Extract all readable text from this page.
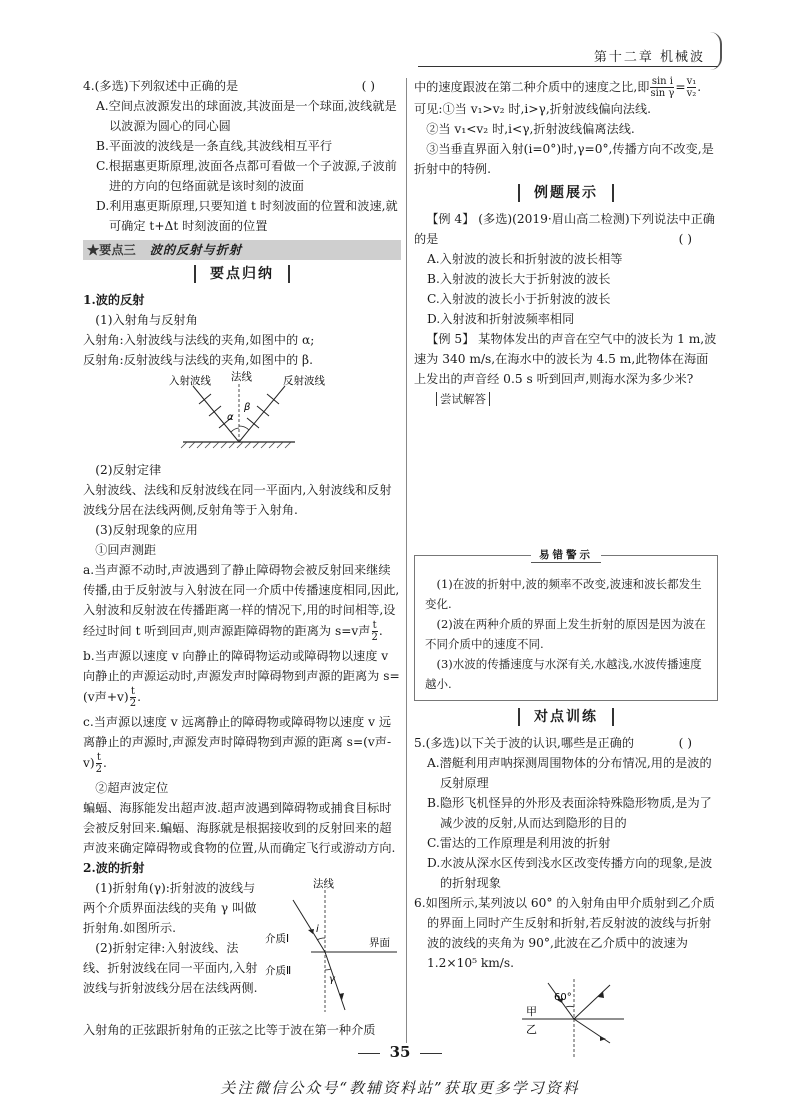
第十二章 机械波

4.(多选)下列叙述中正确的是	( )

A.空间点波源发出的球面波,其波面是一个球面,波线就是以波源为圆心的同心圆

B.平面波的波线是一条直线,其波线相互平行

C.根据惠更斯原理,波面各点都可看做一个子波源,子波前进的方向的包络面就是该时刻的波面

D.利用惠更斯原理,只要知道 t 时刻波面的位置和波速,就可确定 t+Δt 时刻波面的位置

★要点三 波的反射与折射
要点归纳

1.波的反射

(1)入射角与反射角

入射角:入射波线与法线的夹角,如图中的 α;

反射角:反射波线与法线的夹角,如图中的 β.

入射波线 法线	反射波线
α
β

(2)反射定律

入射波线、法线和反射波线在同一平面内,入射波线和反射波线分居在法线两侧,反射角等于入射角.

(3)反射现象的应用

①回声测距

a.当声源不动时,声波遇到了静止障碍物会被反射回来继续传播,由于反射波与入射波在同一介质中传播速度相同,因此,入射波和反射波在传播距离一样的情况下,用的时间相等,设经过时间 t 听到回声,则声源距障碍物的距离为 s=v声 $\frac{t}{2}$ .

b.当声源以速度 v 向静止的障碍物运动或障碍物以速度 v 向静止的声源运动时,声源发声时障碍物到声源的距离为 s=(v声$+v) \frac{t}{2}$ .

c.当声源以速度 v 远离静止的障碍物或障碍物以速度 v 远离静止的声源时,声源发声时障碍物到声源的距离 s=(v声$-v) \frac{t}{2}$ .

②超声波定位

蝙蝠、海豚能发出超声波.超声波遇到障碍物或捕食目标时会被反射回来.蝙蝠、海豚就是根据接收到的反射回来的超声波来确定障碍物或食物的位置,从而确定飞行或游动方向.

2.波的折射

(1)折射角(γ):折射波的波线与两个介质界面法线的夹角 γ 叫做折射角.如图所示.

(2)折射定律:入射波线、法线、折射波线在同一平面内,入射波线与折射波线分居在法线两侧.

法线
介质Ⅰ
介质Ⅱ
界面
i
γ

入射角的正弦跟折射角的正弦之比等于波在第一种介质

中的速度跟波在第二种介质中的速度之比,即 $\frac{\text{sin i}}{\text{sin γ}} = \frac{\text{v₁}}{\text{v₂}}$ .

可见:①当 v₁>v₂ 时,i>γ,折射波线偏向法线.

②当 v₁<v₂ 时,i<γ,折射波线偏离法线.

③当垂直界面入射(i=0°)时,γ=0°,传播方向不改变,是折射中的特例.

例题展示

【例 4】 (多选)(2019·眉山高二检测)下列说法中正确的是	( )

A.入射波的波长和折射波的波长相等

B.入射波的波长大于折射波的波长

C.入射波的波长小于折射波的波长

D.入射波和折射波频率相同

【例 5】 某物体发出的声音在空气中的波长为 1 m,波速为 340 m/s,在海水中的波长为 4.5 m,此物体在海面上发出的声音经 0.5 s 听到回声,则海水深为多少米?

尝试解答
易错警示

(1)在波的折射中,波的频率不改变,波速和波长都发生变化.

(2)波在两种介质的界面上发生折射的原因是因为波在不同介质中的速度不同.

(3)水波的传播速度与水深有关,水越浅,水波传播速度越小.

对点训练

5.(多选)以下关于波的认识,哪些是正确的	( )

A.潜艇利用声呐探测周围物体的分布情况,用的是波的反射原理

B.隐形飞机怪异的外形及表面涂特殊隐形物质,是为了减少波的反射,从而达到隐形的目的

C.雷达的工作原理是利用波的折射

D.水波从深水区传到浅水区改变传播方向的现象,是波的折射现象

6.如图所示,某列波以 60° 的入射角由甲介质射到乙介质的界面上同时产生反射和折射,若反射波的波线与折射波的波线的夹角为 90°,此波在乙介质中的波速为 1.2×10⁵ km/s.

60°
甲
乙
35
关注微信公众号“教辅资料站”获取更多学习资料
